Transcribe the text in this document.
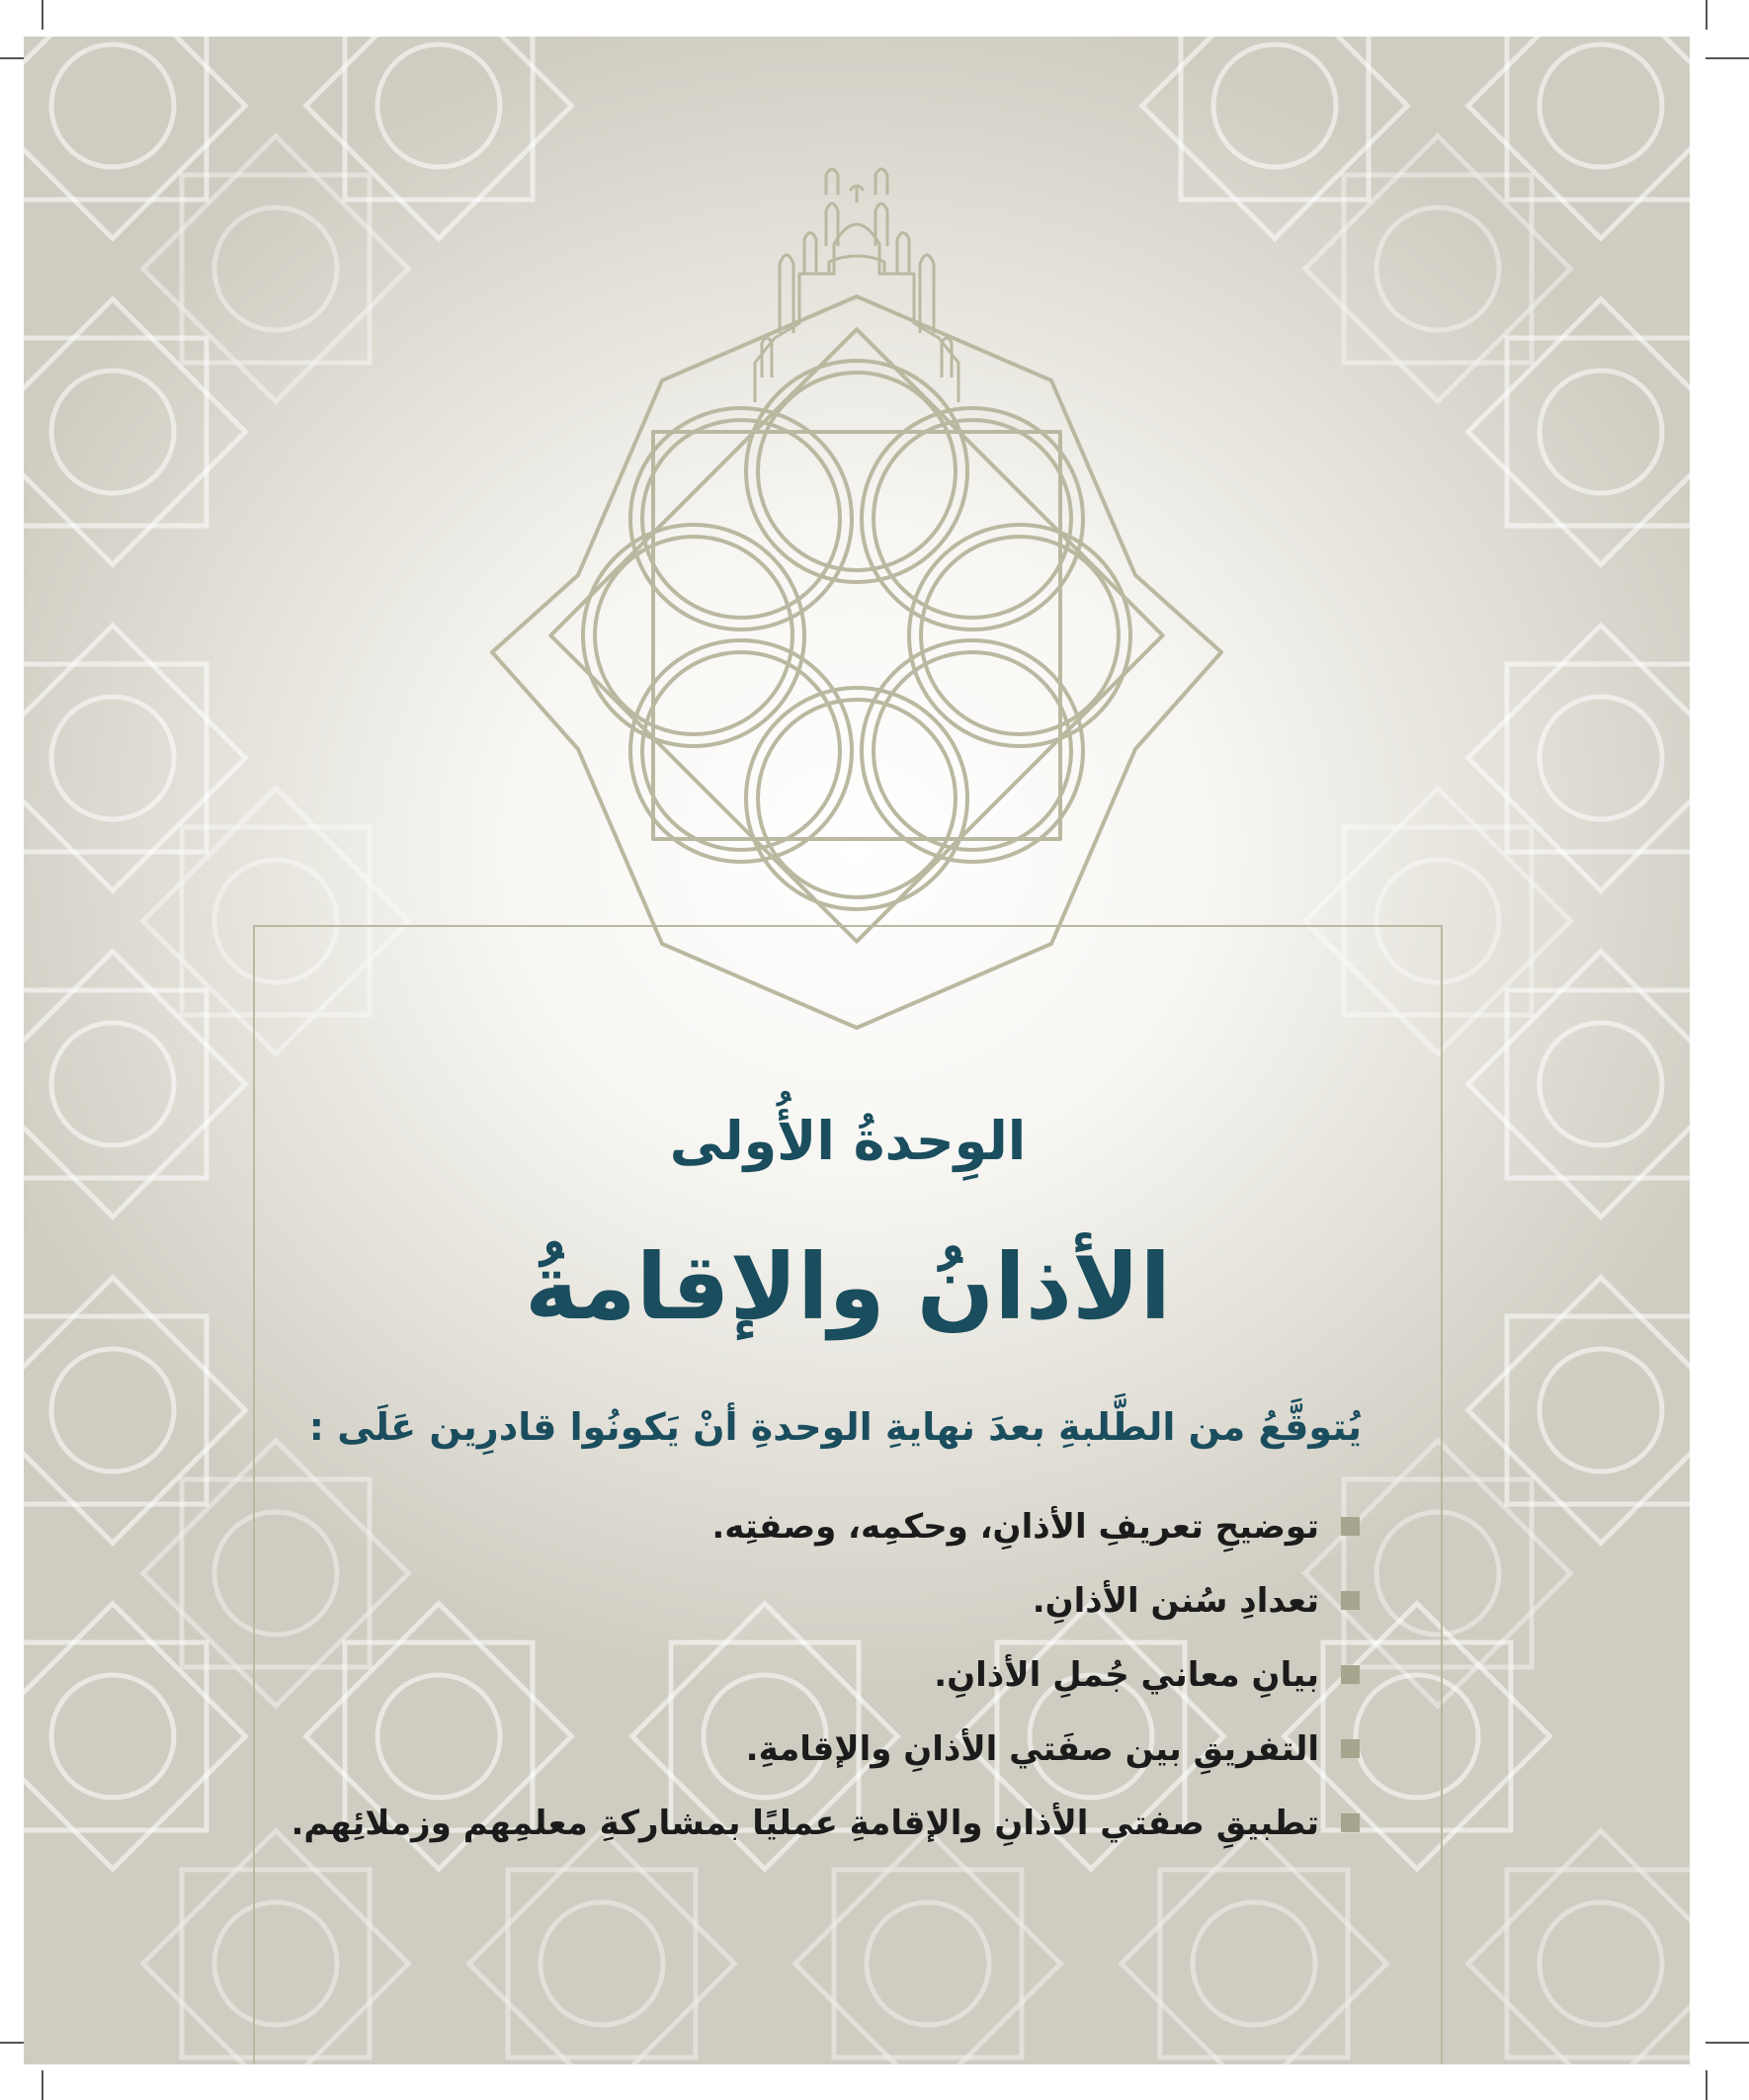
الوِحدةُ الأُولى
الأذانُ والإقامةُ

يُتوقَّعُ من الطَّلبةِ بعدَ نهايةِ الوحدةِ أنْ يَكونُوا قادرِين عَلَى :

توضيحِ تعريفِ الأذانِ، وحكمِه، وصفتِه.
تعدادِ سُنن الأذانِ.
بيانِ معاني جُملِ الأذانِ.
التفريقِ بين صفَتي الأذانِ والإقامةِ.
تطبيقِ صفتي الأذانِ والإقامةِ عمليًا بمشاركةِ معلمِهم وزملائِهم.
